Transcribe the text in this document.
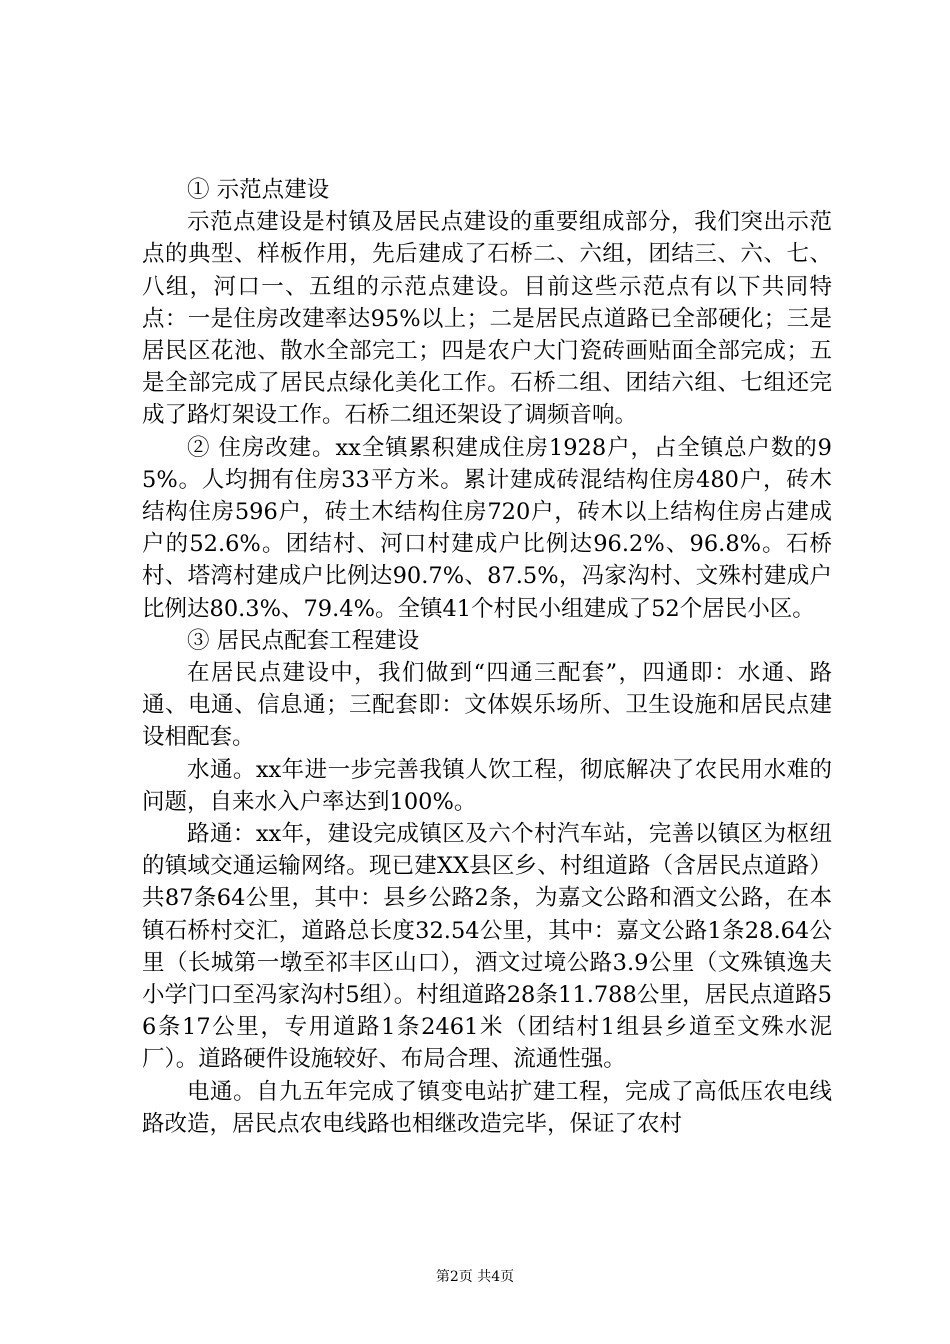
① 示范点建设

示范点建设是村镇及居民点建设的重要组成部分，我们突出示范点的典型、样板作用，先后建成了石桥二、六组，团结三、六、七、八组，河口一、五组的示范点建设。目前这些示范点有以下共同特点：一是住房改建率达95%以上；二是居民点道路已全部硬化；三是居民区花池、散水全部完工；四是农户大门瓷砖画贴面全部完成；五是全部完成了居民点绿化美化工作。石桥二组、团结六组、七组还完成了路灯架设工作。石桥二组还架设了调频音响。

② 住房改建。xx全镇累积建成住房1928户，占全镇总户数的95%。人均拥有住房33平方米。累计建成砖混结构住房480户，砖木结构住房596户，砖土木结构住房720户，砖木以上结构住房占建成户的52.6%。团结村、河口村建成户比例达96.2%、96.8%。石桥村、塔湾村建成户比例达90.7%、87.5%，冯家沟村、文殊村建成户比例达80.3%、79.4%。全镇41个村民小组建成了52个居民小区。

③ 居民点配套工程建设

在居民点建设中，我们做到“四通三配套”，四通即：水通、路通、电通、信息通；三配套即：文体娱乐场所、卫生设施和居民点建设相配套。

水通。xx年进一步完善我镇人饮工程，彻底解决了农民用水难的问题，自来水入户率达到100%。

路通：xx年，建设完成镇区及六个村汽车站，完善以镇区为枢纽的镇域交通运输网络。现已建XX县区乡、村组道路（含居民点道路）共87条64公里，其中：县乡公路2条，为嘉文公路和酒文公路，在本镇石桥村交汇，道路总长度32.54公里，其中：嘉文公路1条28.64公里（长城第一墩至祁丰区山口），酒文过境公路3.9公里（文殊镇逸夫小学门口至冯家沟村5组）。村组道路28条11.788公里，居民点道路56条17公里，专用道路1条2461米（团结村1组县乡道至文殊水泥厂）。道路硬件设施较好、布局合理、流通性强。

电通。自九五年完成了镇变电站扩建工程，完成了高低压农电线路改造，居民点农电线路也相继改造完毕，保证了农村

第2页 共4页
